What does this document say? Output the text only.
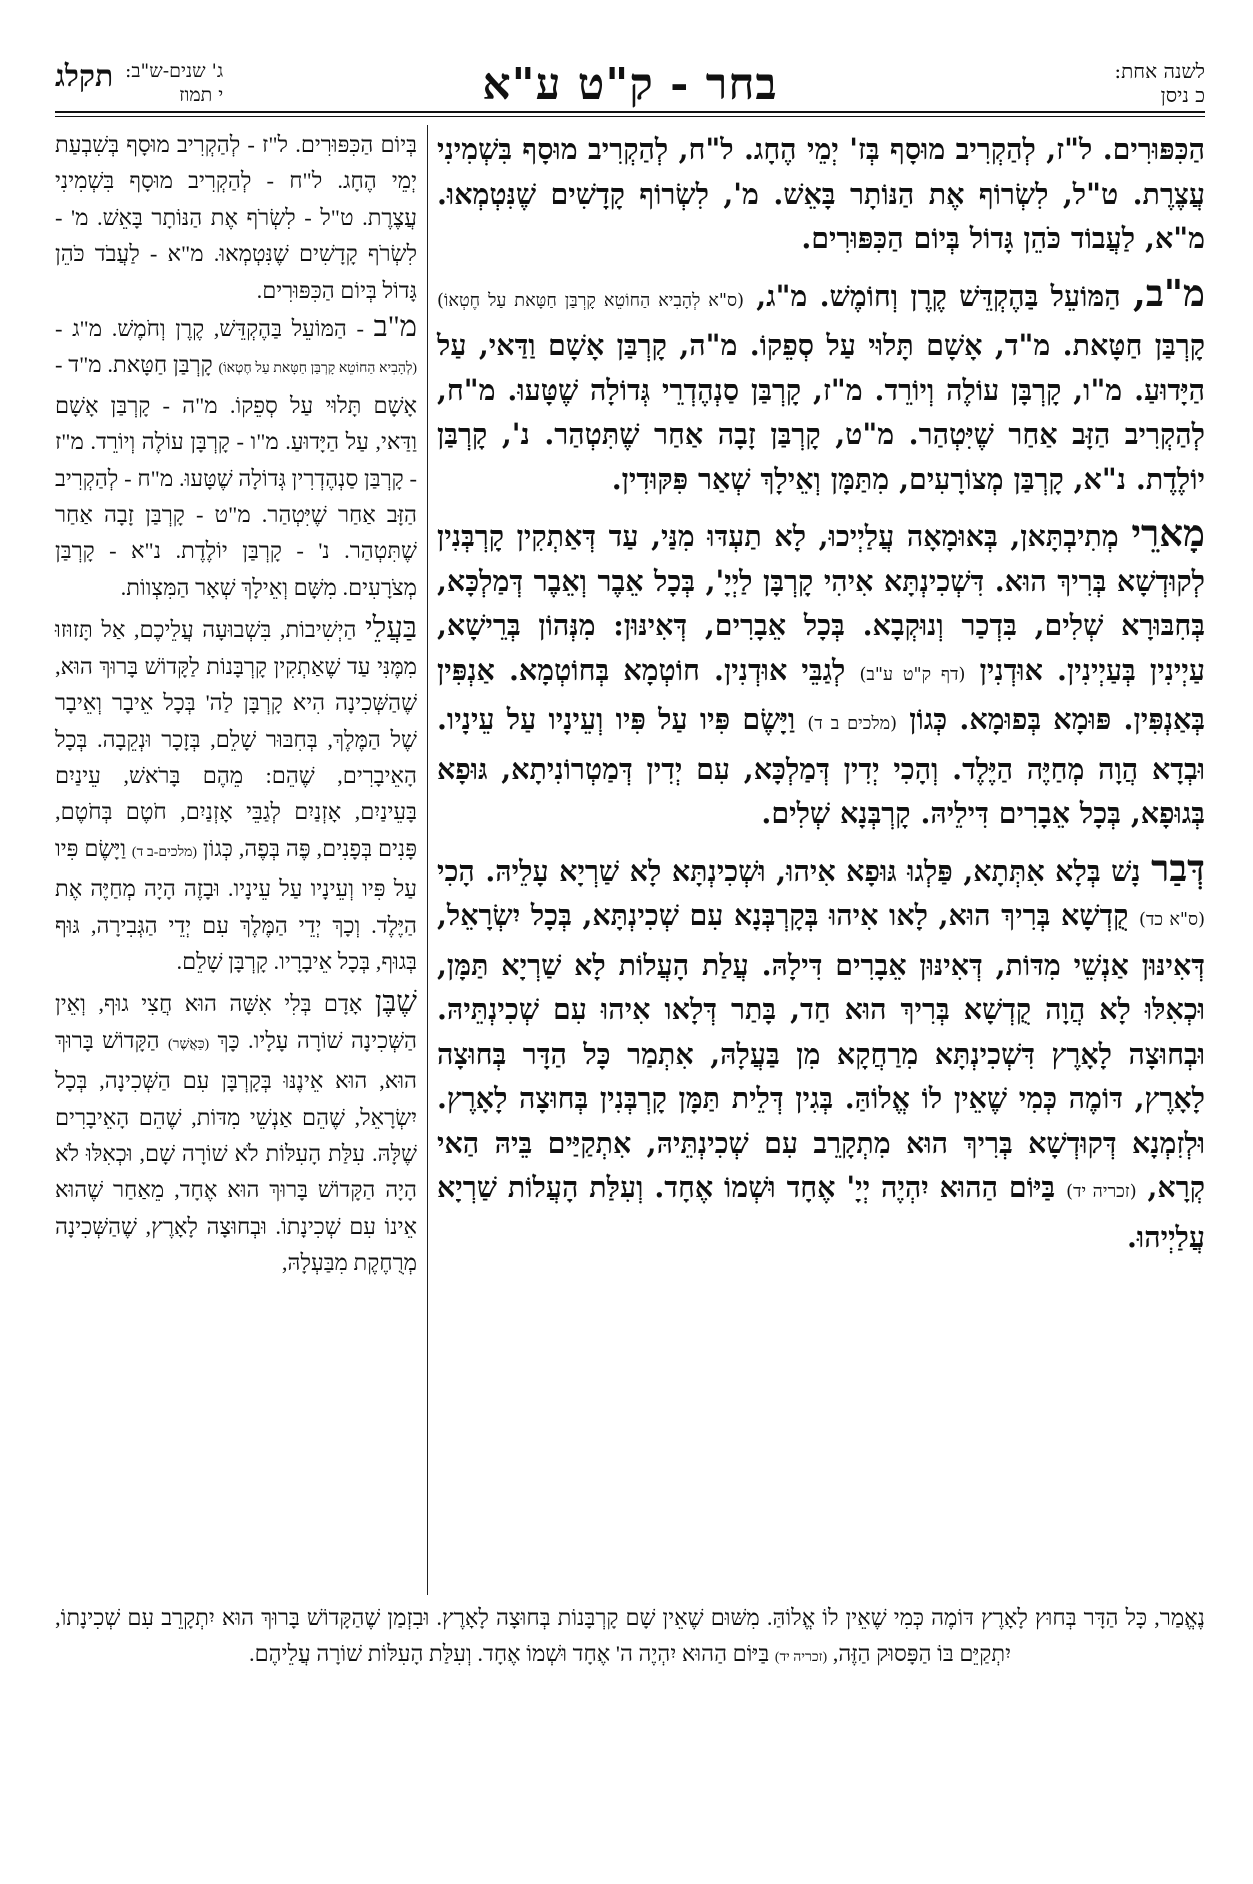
לשנה אחת:
כ ניסן
בחר - ק"ט ע"א
ג' שנים-ש"ב:
י תמוז
תקלג

הַכִּפּוּרִים. ל"ז, לְהַקְרִיב מוּסָף בְּז' יְמֵי הֶחָג. ל"ח, לְהַקְרִיב מוּסָף בִּשְׁמִינִי עֲצֶרֶת. ט"ל, לִשְׂרוֹף אֶת הַנּוֹתָר בָּאֵשׁ. מ', לִשְׂרוֹף קָדָשִׁים שֶׁנִּטְמְאוּ. מ"א, לַעֲבוֹד כֹּהֵן גָּדוֹל בְּיוֹם הַכִּפּוּרִים.

מ"ב, הַמּוֹעֵל בַּהֶקְדֵּשׁ קֶרֶן וְחוֹמֶשׁ. מ"ג, (ס"א לְהָבִיא הַחוֹטֵא קָרְבַּן חַטָּאת עַל חֶטְאוֹ) קָרְבַּן חַטָּאת. מ"ד, אָשָׁם תָּלוּי עַל סְפֵקוֹ. מ"ה, קָרְבַּן אָשָׁם וַדַּאי, עַל הַיָּדוּעַ. מ"ו, קָרְבָּן עוֹלֶה וְיוֹרֵד. מ"ז, קָרְבַּן סַנְהֶדְרֵי גְּדוֹלָה שֶׁטָּעוּ. מ"ח, לְהַקְרִיב הַזָּב אַחַר שֶׁיִּטְהַר. מ"ט, קָרְבַּן זָבָה אַחַר שֶׁתִּטְהַר. נ', קָרְבַּן יוֹלֶדֶת. נ"א, קָרְבַּן מְצוֹרָעִים, מִתַּמָּן וְאֵילָךְ שְׁאַר פִּקּוּדִין.

מָארֵי מְתִיבְתָּאן, בְּאוּמָאָה עֲלַיְיכוּ, לָא תַעְדּוּ מִנַּי, עַד דְּאַתְקִין קָרְבְּנִין לְקוּדְשָׁא בְּרִיךְ הוּא. דִּשְׁכִינְתָּא אִיהִי קָרְבָּן לַיְיָ', בְּכָל אֵבֶר וְאֵבֶר דְּמַלְכָּא, בְּחִבּוּרָא שְׁלִים, בִּדְכַר וְנוּקְבָא. בְּכָל אֵבָרִים, דְּאִינּוּן: מִנְּהוֹן בְּרֵישָׁא, עַיְינִין בְּעַיְינִין. אוּדְנִין (דף ק"ט ע"ב) לְגַבֵּי אוּדְנִין. חוֹטְמָא בְּחוֹטְמָא. אַנְפִּין בְּאַנְפִּין. פּוּמָא בְּפוּמָא. כְּגוֹן (מלכים ב ד) וַיָּשֶׂם פִּיו עַל פִּיו וְעֵינָיו עַל עֵינָיו. וּבְדָא הֲוָה מְחַיֶּה הַיֶּלֶד. וְהָכִי יְדִין דְּמַלְכָּא, עִם יְדִין דְּמַטְרוֹנִיתָא, גּוּפָא בְּגוּפָא, בְּכָל אֵבָרִים דִּילֵיהּ. קָרְבְּנָא שְׁלִים.

דְּבַר נָשׁ בְּלָא אִתְּתָא, פַּלְגוּ גּוּפָא אִיהוּ, וּשְׁכִינְתָּא לָא שַׁרְיָא עָלֵיהּ. הָכִי (ס"א כד) קֻדְשָׁא בְּרִיךְ הוּא, לָאו אִיהוּ בְּקָרְבְּנָא עִם שְׁכִינְתָּא, בְּכָל יִשְׂרָאֵל, דְּאִינּוּן אַנְשֵׁי מִדּוֹת, דְּאִינּוּן אֵבָרִים דִּילָהּ. עֲלַת הָעֲלוֹת לָא שַׁרְיָא תַּמָּן, וּכְאִלּוּ לָא הֲוָה קֻדְשָׁא בְּרִיךְ הוּא חַד, בָּתַר דְּלָאו אִיהוּ עִם שְׁכִינְתֵּיהּ. וּבְחוּצָה לָאָרֶץ דִּשְׁכִינְתָּא מִרַחֲקָא מִן בַּעֲלָהּ, אִתְמַר כָּל הַדָּר בְּחוּצָה לָאָרֶץ, דּוֹמֶה כְּמִי שֶׁאֵין לוֹ אֱלוֹהַּ. בְּגִין דְּלֵית תַּמָּן קָרְבְּנִין בְּחוּצָה לָאָרֶץ. וּלְזִמְנָא דְּקוּדְשָׁא בְּרִיךְ הוּא מִתְקָרֵב עִם שְׁכִינְתֵּיהּ, אִתְקַיַּים בֵּיהּ הַאי קְרָא, (זכריה יד) בַּיּוֹם הַהוּא יִהְיֶה יְיָ' אֶחָד וּשְׁמוֹ אֶחָד. וְעִלַּת הָעֲלוֹת שַׁרְיָא עֲלַיְיהוּ.

בְּיוֹם הַכִּפּוּרִים. ל"ז - לְהַקְרִיב מוּסָף בְּשִׁבְעַת יְמֵי הֶחָג. ל"ח - לְהַקְרִיב מוּסָף בִּשְׁמִינִי עֲצֶרֶת. ט"ל - לִשְׂרֹף אֶת הַנּוֹתָר בָּאֵשׁ. מ' - לִשְׂרֹף קָדָשִׁים שֶׁנִּטְמְאוּ. מ"א - לַעֲבֹד כֹּהֵן גָּדוֹל בְּיוֹם הַכִּפּוּרִים.
מ"ב - הַמּוֹעֵל בַּהֶקְדֵּשׁ, קֶרֶן וְחֹמֶשׁ. מ"ג - (לְהָבִיא הַחוֹטֵא קָרְבַּן חַטָּאת עַל חֶטְאוֹ) קָרְבַּן חַטָּאת. מ"ד - אָשָׁם תָּלוּי עַל סְפֵקוֹ. מ"ה - קָרְבַּן אָשָׁם וַדַּאי, עַל הַיָּדוּעַ. מ"ו - קָרְבָּן עוֹלֶה וְיוֹרֵד. מ"ז - קָרְבַּן סַנְהֶדְרִין גְּדוֹלָה שֶׁטָּעוּ. מ"ח - לְהַקְרִיב הַזָּב אַחַר שֶׁיִּטְהַר. מ"ט - קָרְבַּן זָבָה אַחַר שֶׁתִּטְהַר. נ' - קָרְבַּן יוֹלֶדֶת. נ"א - קָרְבַּן מְצֹרָעִים. מִשָּׁם וְאֵילָךְ שְׁאָר הַמִּצְווֹת.

בַּעֲלֵי הַיְשִׁיבוֹת, בִּשְׁבוּעָה עֲלֵיכֶם, אַל תָּזוּזוּ מִמֶּנִּי עַד שֶׁאַתְקִין קָרְבָּנוֹת לַקָּדוֹשׁ בָּרוּךְ הוּא, שֶׁהַשְּׁכִינָה הִיא קָרְבָּן לַה' בְּכָל אֵיבָר וְאֵיבָר שֶׁל הַמֶּלֶךְ, בְּחִבּוּר שָׁלֵם, בְּזָכָר וּנְקֵבָה. בְּכָל הָאֵיבָרִים, שֶׁהֵם: מֵהֶם בָּרֹאשׁ, עֵינַיִם בָּעֵינַיִם, אָזְנַיִם לְגַבֵּי אָזְנַיִם, חֹטֶם בְּחֹטֶם, פָּנִים בְּפָנִים, פֶּה בְּפֶה, כְּגוֹן (מלכים-ב ד) וַיָּשֶׂם פִּיו עַל פִּיו וְעֵינָיו עַל עֵינָיו. וּבָזֶה הָיָה מְחַיֶּה אֶת הַיֶּלֶד. וְכָךְ יְדֵי הַמֶּלֶךְ עִם יְדֵי הַגְּבִירָה, גּוּף בְּגוּף, בְּכָל אֵיבָרָיו. קָרְבָּן שָׁלֵם.

שֶׁבֶּן אָדָם בְּלִי אִשָּׁה הוּא חֲצִי גוּף, וְאֵין הַשְּׁכִינָה שׁוֹרָה עָלָיו. כָּךְ (כַּאֲשֶׁר) הַקָּדוֹשׁ בָּרוּךְ הוּא, הוּא אֵינֶנּוּ בְּקָרְבָּן עִם הַשְּׁכִינָה, בְּכָל יִשְׂרָאֵל, שֶׁהֵם אַנְשֵׁי מִדּוֹת, שֶׁהֵם הָאֵיבָרִים שֶׁלָּהּ. עִלַּת הָעִלּוֹת לֹא שׁוֹרָה שָׁם, וּכְאִלּוּ לֹא הָיָה הַקָּדוֹשׁ בָּרוּךְ הוּא אֶחָד, מֵאַחַר שֶׁהוּא אֵינוֹ עִם שְׁכִינָתוֹ. וּבְחוּצָה לָאָרֶץ, שֶׁהַשְּׁכִינָה מְרֻחֶקֶת מִבַּעְלָהּ,

נֶאֱמַר, כָּל הַדָּר בְּחוּץ לָאָרֶץ דּוֹמֶה כְּמִי שֶׁאֵין לוֹ אֱלוֹהַּ. מִשּׁוּם שֶׁאֵין שָׁם קָרְבָּנוֹת בְּחוּצָה לָאָרֶץ. וּבִזְמַן שֶׁהַקָּדוֹשׁ בָּרוּךְ הוּא יִתְקָרֵב עִם שְׁכִינָתוֹ, יִתְקַיֵּם בּוֹ הַפָּסוּק הַזֶּה, (זכריה יד) בַּיּוֹם הַהוּא יִהְיֶה ה' אֶחָד וּשְׁמוֹ אֶחָד. וְעִלַּת הָעִלּוֹת שׁוֹרָה עֲלֵיהֶם.
